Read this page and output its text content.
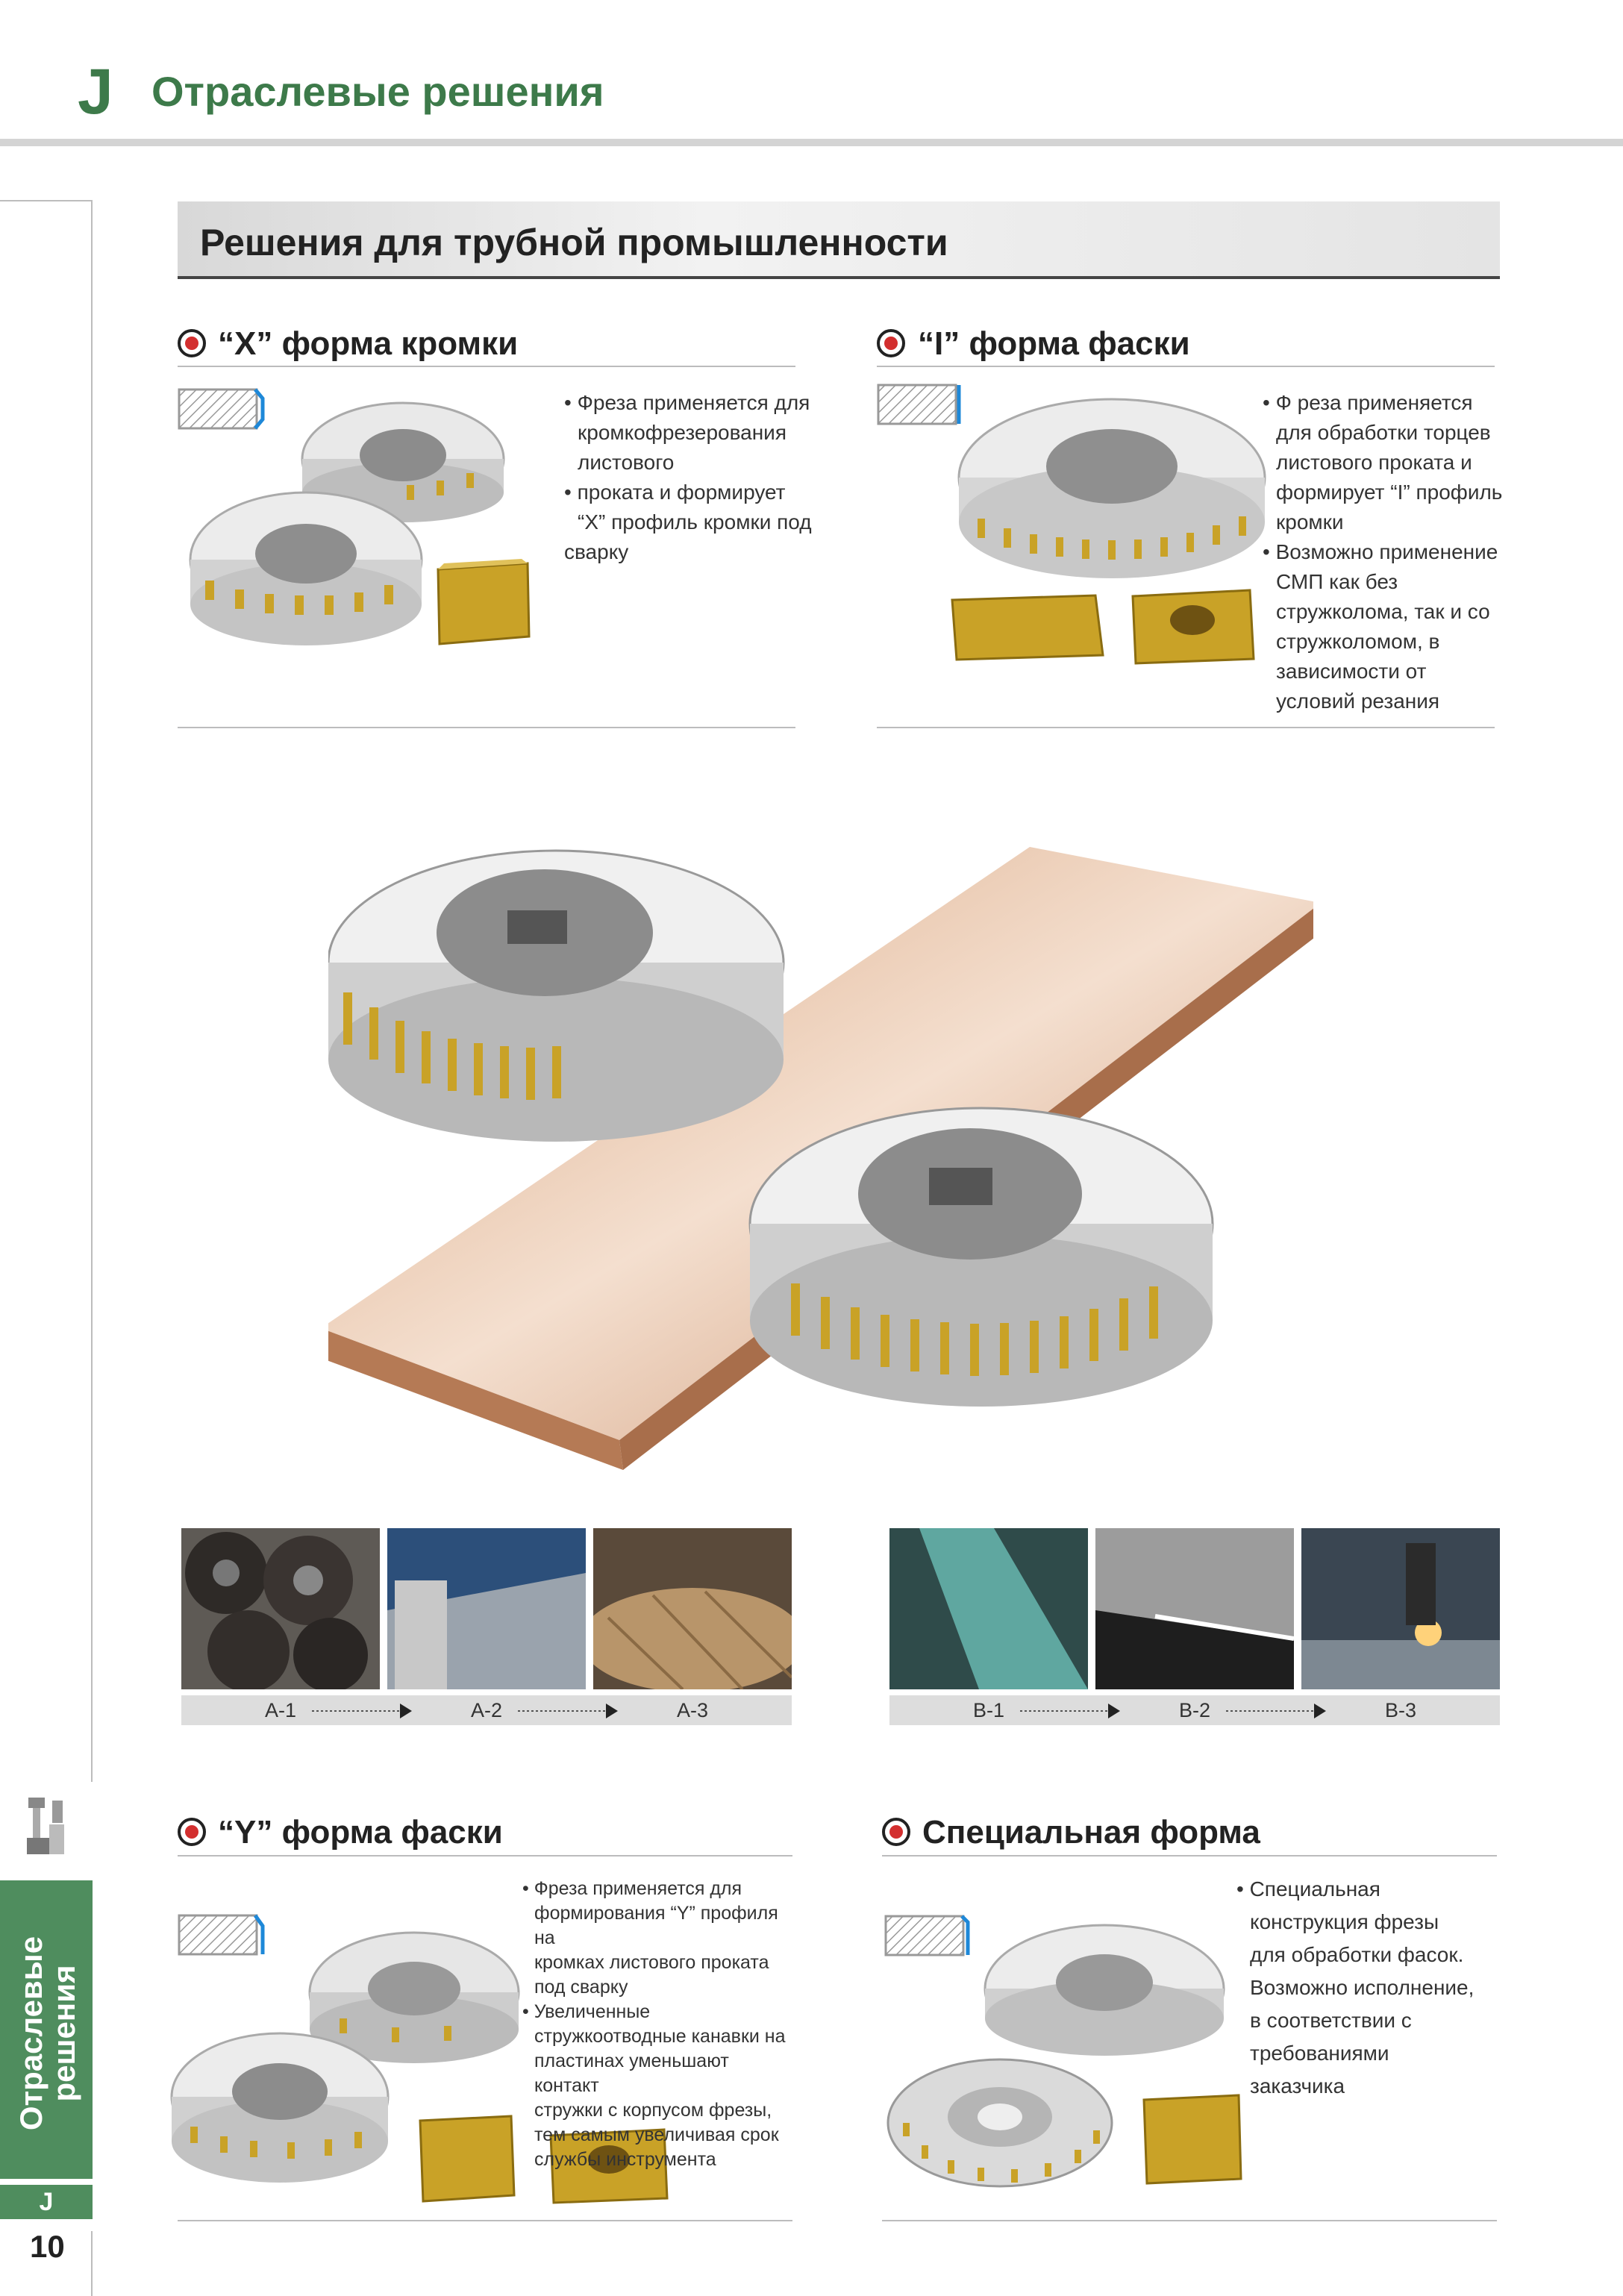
J Отраслевые решения
Отраслевые
решения
J
10
Решения для трубной промышленности
“X” форма кромки
• Фреза применяется для
кромкофрезерования
листового
• проката и формирует
“X” профиль кромки под
сварку
“I” форма фаски
• Ф реза применяется
для обработки торцев
листового проката и
формирует “I” профиль
кромки
• Возможно применение
СМП как без
стружколома, так и со
стружколомом, в
зависимости от
условий резания
A-1	A-2	A-3	B-1	B-2	B-3
“Y” форма фаски
• Фреза применяется для
формирования “Y” профиля на
кромках листового проката
под сварку
• Увеличенные
стружкоотводные канавки на
пластинах уменьшают контакт
стружки с корпусом фрезы,
тем самым увеличивая срок
службы инструмента
Специальная форма
• Специальная
конструкция фрезы
для обработки фасок.
Возможно исполнение,
в соответствии с
требованиями
заказчика
